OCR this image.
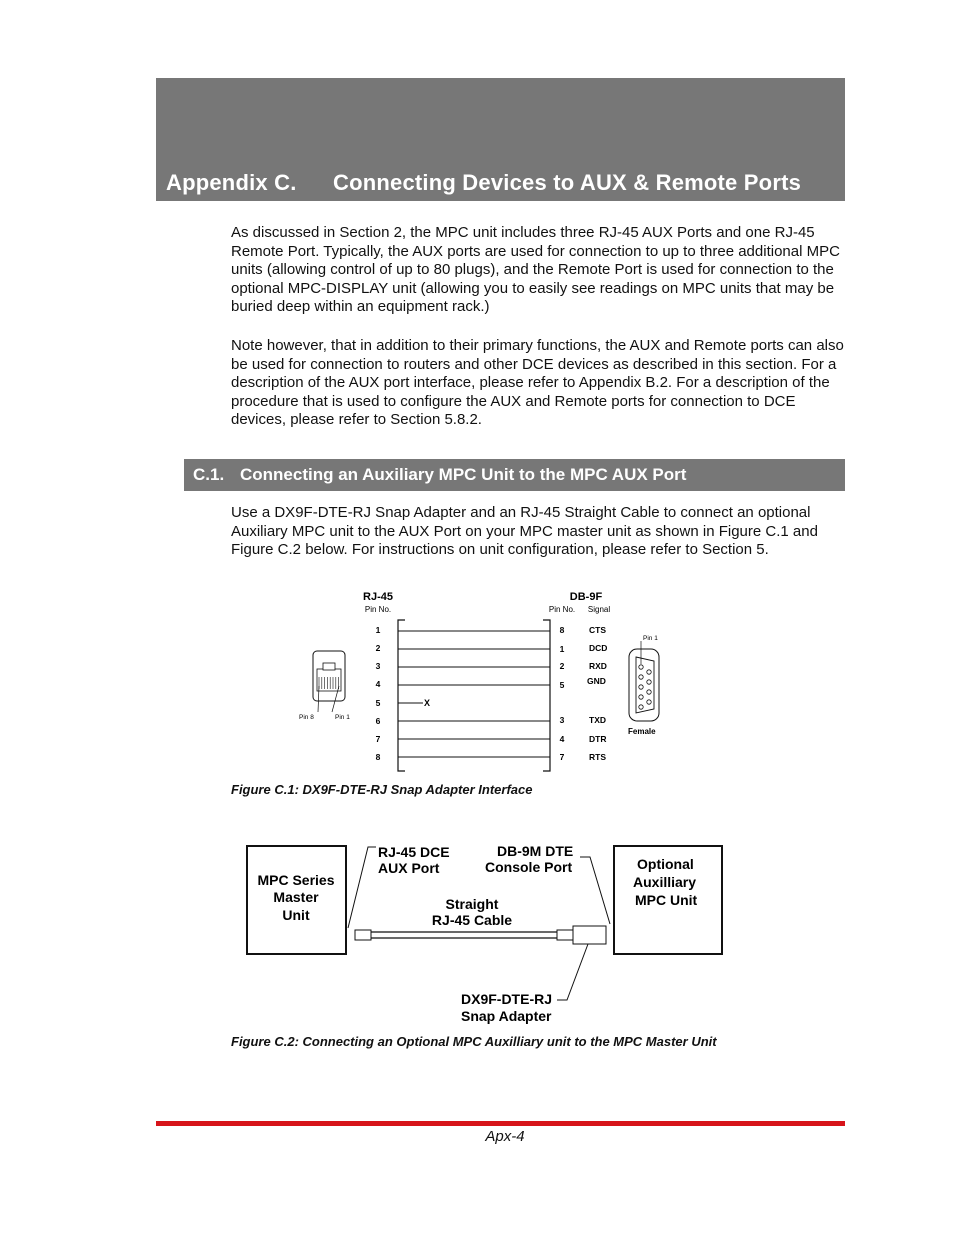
Appendix C. Connecting Devices to AUX & Remote Ports

As discussed in Section 2, the MPC unit includes three RJ-45 AUX Ports and one RJ-45 Remote Port. Typically, the AUX ports are used for connection to up to three additional MPC units (allowing control of up to 80 plugs), and the Remote Port is used for connection to the optional MPC-DISPLAY unit (allowing you to easily see readings on MPC units that may be buried deep within an equipment rack.)

Note however, that in addition to their primary functions, the AUX and Remote ports can also be used for connection to routers and other DCE devices as described in this section. For a description of the AUX port interface, please refer to Appendix B.2. For a description of the procedure that is used to configure the AUX and Remote ports for connection to DCE devices, please refer to Section 5.8.2.

C.1. Connecting an Auxiliary MPC Unit to the MPC AUX Port

Use a DX9F-DTE-RJ Snap Adapter and an RJ-45 Straight Cable to connect an optional Auxiliary MPC unit to the AUX Port on your MPC master unit as shown in Figure C.1 and Figure C.2 below. For instructions on unit configuration, please refer to Section 5.

RJ-45
Pin No.
DB-9F
Pin No. Signal
X
1
2
3
4
5
6
7
8
8
1
2
5
3
4
7
CTS
DCD
RXD
GND
TXD
DTR
RTS
Pin 8	Pin 1
Pin 1
Female
Figure C.1: DX9F-DTE-RJ Snap Adapter Interface
MPC Series
Master
Unit
Optional
Auxilliary
MPC Unit
RJ-45 DCE
AUX Port
DB-9M DTE
Console Port
Straight
RJ-45 Cable
DX9F-DTE-RJ
Snap Adapter
Figure C.2: Connecting an Optional MPC Auxilliary unit to the MPC Master Unit
Apx-4
